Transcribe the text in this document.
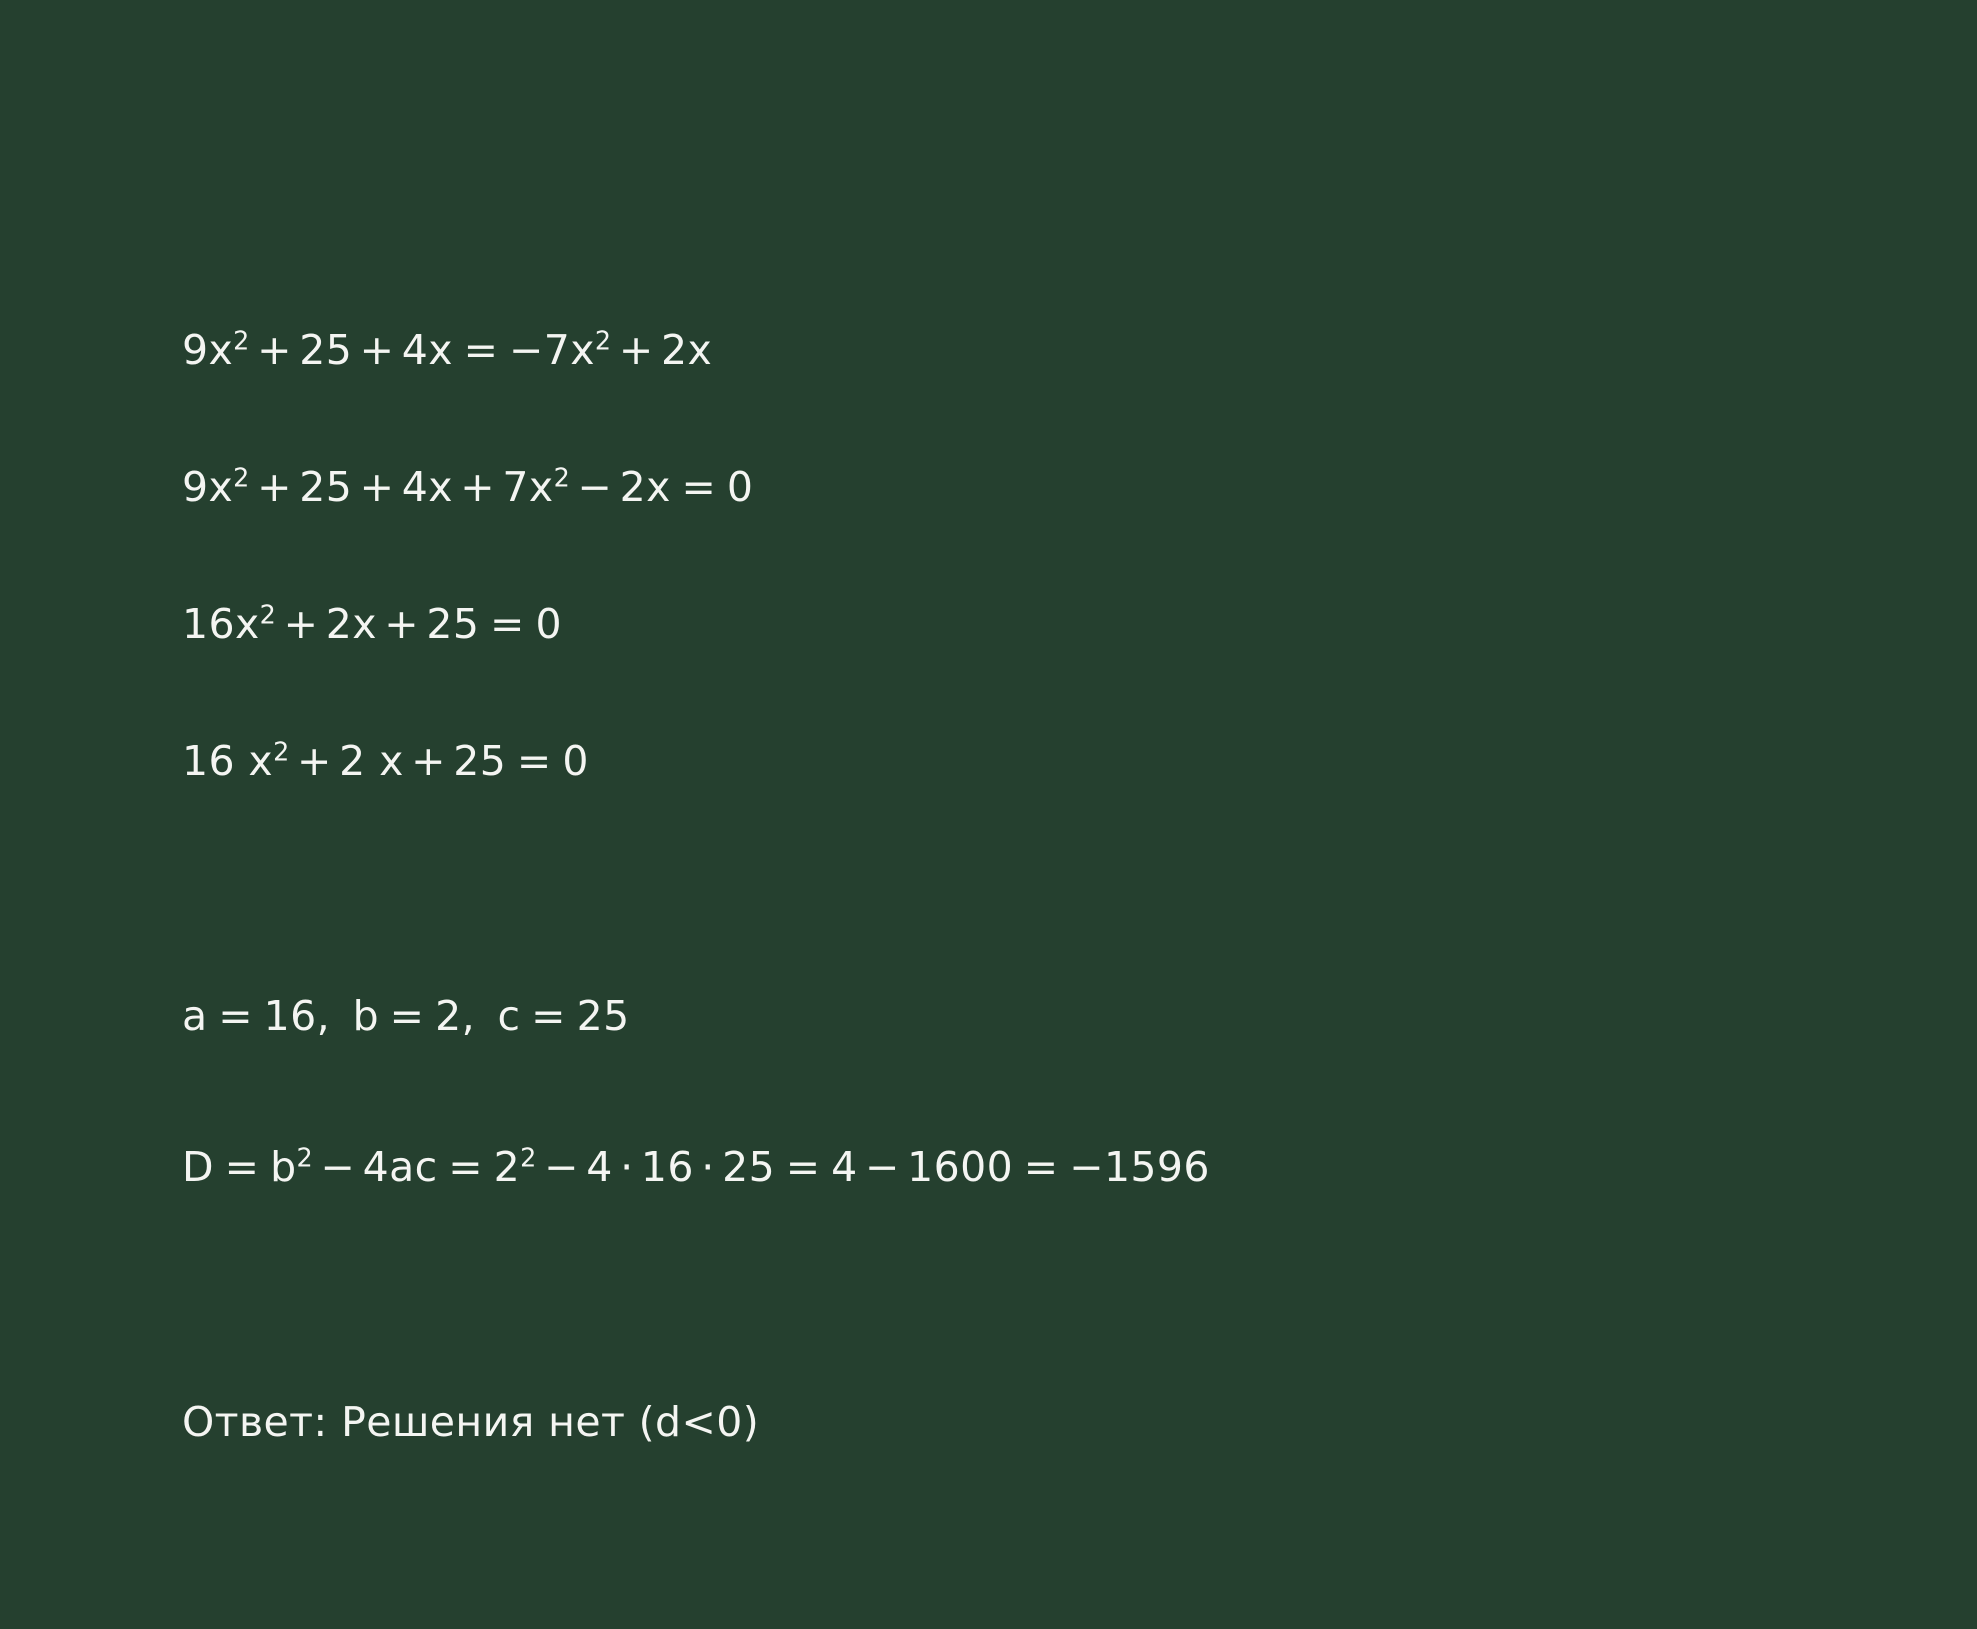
$9x^2 + 25 + 4x = -7x^2 + 2x$
$9x^2 + 25 + 4x + 7x^2 - 2x = 0$
$16x^2 + 2x + 25 = 0$
16 $x^2 + 2$ x + 25 = 0
a = 16, b = 2, c = 25
$D = b^2 - 4ac = 2^2 - 4 \cdot 16 \cdot 25 = 4 - 1600 = -1596$
Ответ: Решения нет (d<0)
